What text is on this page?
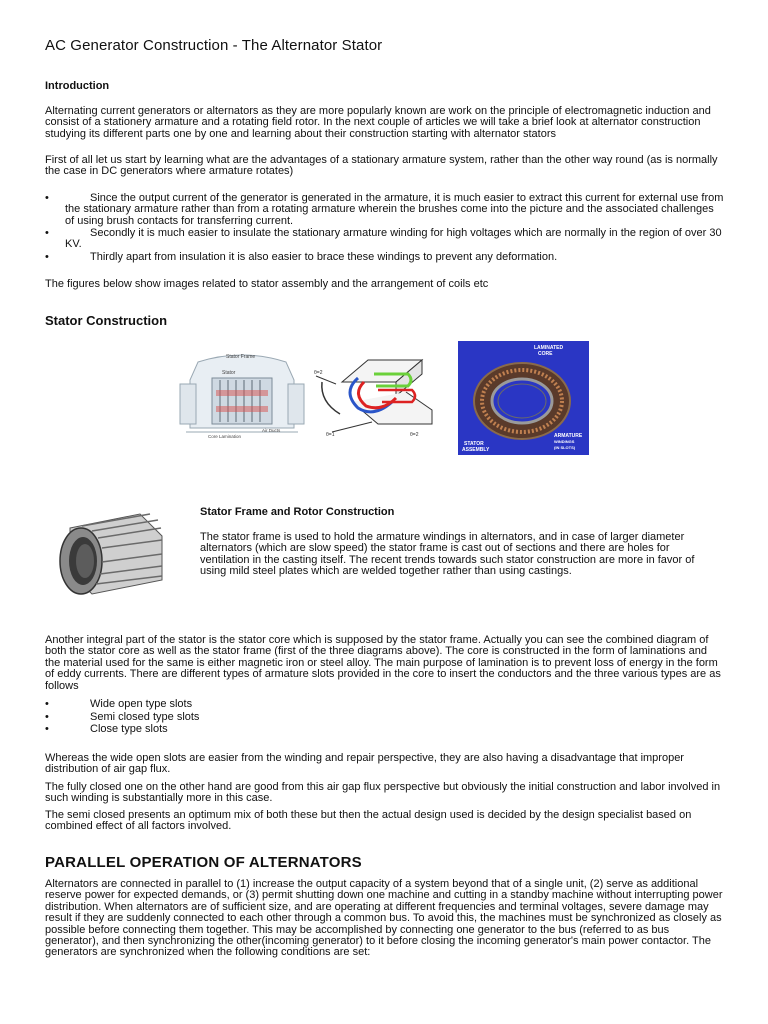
AC Generator Construction - The Alternator Stator
Introduction

Alternating current generators or alternators as they are more popularly known are work on the principle of electromagnetic induction and consist of a stationery armature and a rotating field rotor. In the next couple of articles we will take a brief look at alternator construction studying its different parts one by one and learning about their construction starting with alternator stators

First of all let us start by learning what are the advantages of a stationary armature system, rather than the other way round (as is normally the case in DC generators where armature rotates)

•	Since the output current of the generator is generated in the armature, it is much easier to extract this current for external use from the stationary armature rather than from a rotating armature wherein the brushes come into the picture and the associated challenges of using brush contacts for transferring current.
•	Secondly it is much easier to insulate the stationary armature winding for high voltages which are normally in the region of over 30 KV.
•	Thirdly apart from insulation it is also easier to brace these windings to prevent any deformation.

The figures below show images related to stator assembly and the arrangement of coils etc

Stator Construction
Stator Frame
Stator
Core Lamination
Air Ducts
θ=2
θ=1	θ=2
LAMINATED
CORE
ARMATURE
WINDINGS
(IN SLOTS)
STATOR
ASSEMBLY
Stator Frame and Rotor Construction

The stator frame is used to hold the armature windings in alternators, and in case of larger diameter alternators (which are slow speed) the stator frame is cast out of sections and there are holes for ventilation in the casting itself. The recent trends towards such stator construction are more in favor of using mild steel plates which are welded together rather than using castings.

Another integral part of the stator is the stator core which is supposed by the stator frame. Actually you can see the combined diagram of both the stator core as well as the stator frame (first of the three diagrams above). The core is constructed in the form of laminations and the material used for the same is either magnetic iron or steel alloy. The main purpose of lamination is to prevent loss of energy in the form of eddy currents. There are different types of armature slots provided in the core to insert the conductors and the three various types are as follows

•	Wide open type slots
•	Semi closed type slots
•	Close type slots

Whereas the wide open slots are easier from the winding and repair perspective, they are also having a disadvantage that improper distribution of air gap flux.

The fully closed one on the other hand are good from this air gap flux perspective but obviously the initial construction and labor involved in such winding is substantially more in this case.

The semi closed presents an optimum mix of both these but then the actual design used is decided by the design specialist based on combined effect of all factors involved.

PARALLEL OPERATION OF ALTERNATORS

Alternators are connected in parallel to (1) increase the output capacity of a system beyond that of a single unit, (2) serve as additional reserve power for expected demands, or (3) permit shutting down one machine and cutting in a standby machine without interrupting power distribution. When alternators are of sufficient size, and are operating at different frequencies and terminal voltages, severe damage may result if they are suddenly connected to each other through a common bus. To avoid this, the machines must be synchronized as closely as possible before connecting them together. This may be accomplished by connecting one generator to the bus (referred to as bus generator), and then synchronizing the other(incoming generator) to it before closing the incoming generator's main power contactor. The generators are synchronized when the following conditions are set:
